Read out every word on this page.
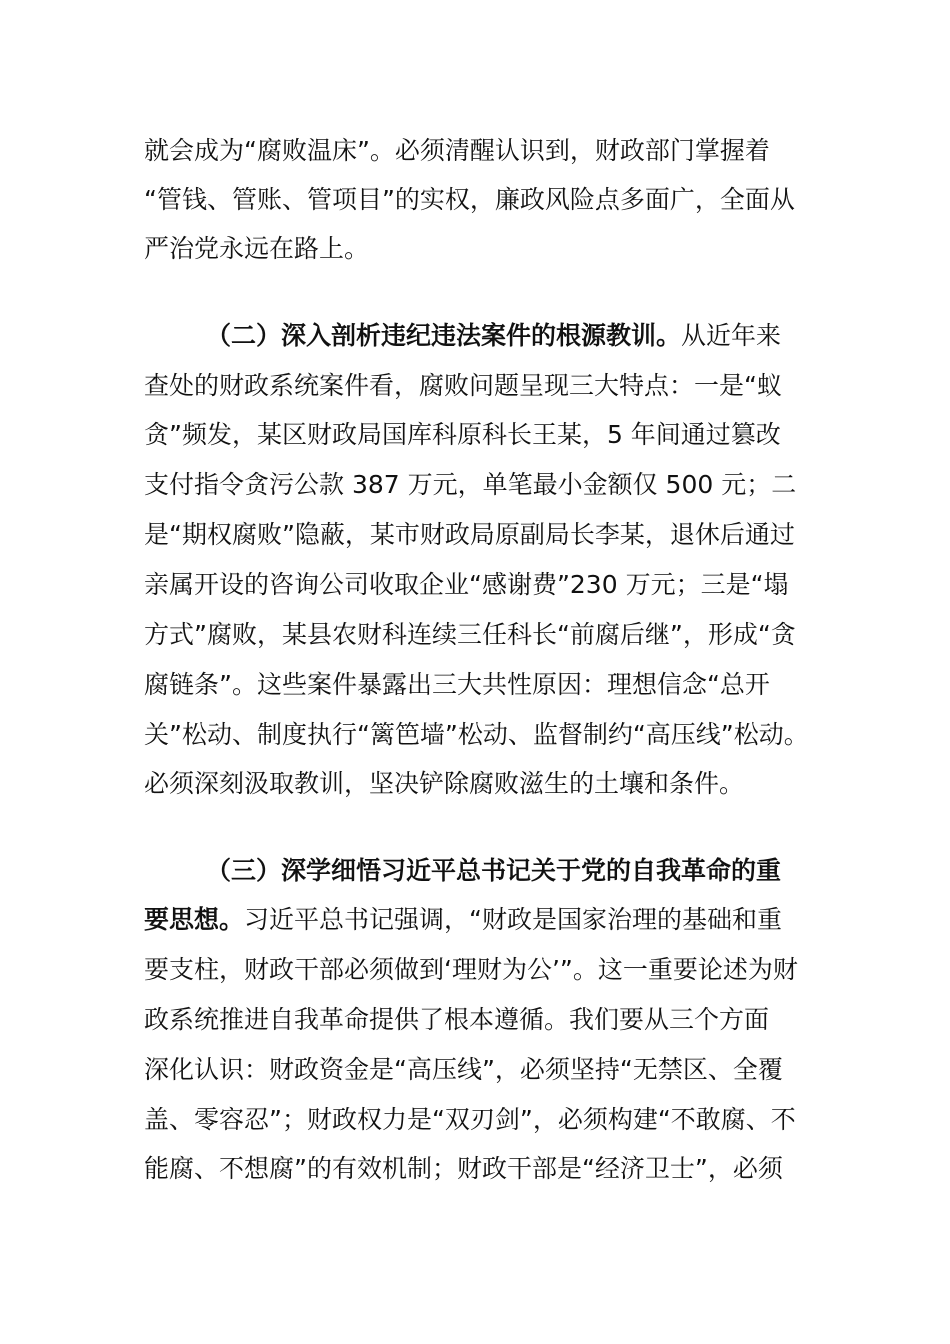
就会成为“腐败温床”。必须清醒认识到，财政部门掌握着
“管钱、管账、管项目”的实权，廉政风险点多面广，全面从
严治党永远在路上。
（二）深入剖析违纪违法案件的根源教训。从近年来
查处的财政系统案件看，腐败问题呈现三大特点：一是“蚁
贪”频发，某区财政局国库科原科长王某，5 年间通过篡改
支付指令贪污公款 387 万元，单笔最小金额仅 500 元；二
是“期权腐败”隐蔽，某市财政局原副局长李某，退休后通过
亲属开设的咨询公司收取企业“感谢费”230 万元；三是“塌
方式”腐败，某县农财科连续三任科长“前腐后继”，形成“贪
腐链条”。这些案件暴露出三大共性原因：理想信念“总开
关”松动、制度执行“篱笆墙”松动、监督制约“高压线”松动。
必须深刻汲取教训，坚决铲除腐败滋生的土壤和条件。
（三）深学细悟习近平总书记关于党的自我革命的重
要思想。习近平总书记强调，“财政是国家治理的基础和重
要支柱，财政干部必须做到‘理财为公’”。这一重要论述为财
政系统推进自我革命提供了根本遵循。我们要从三个方面
深化认识：财政资金是“高压线”，必须坚持“无禁区、全覆
盖、零容忍”；财政权力是“双刃剑”，必须构建“不敢腐、不
能腐、不想腐”的有效机制；财政干部是“经济卫士”，必须
